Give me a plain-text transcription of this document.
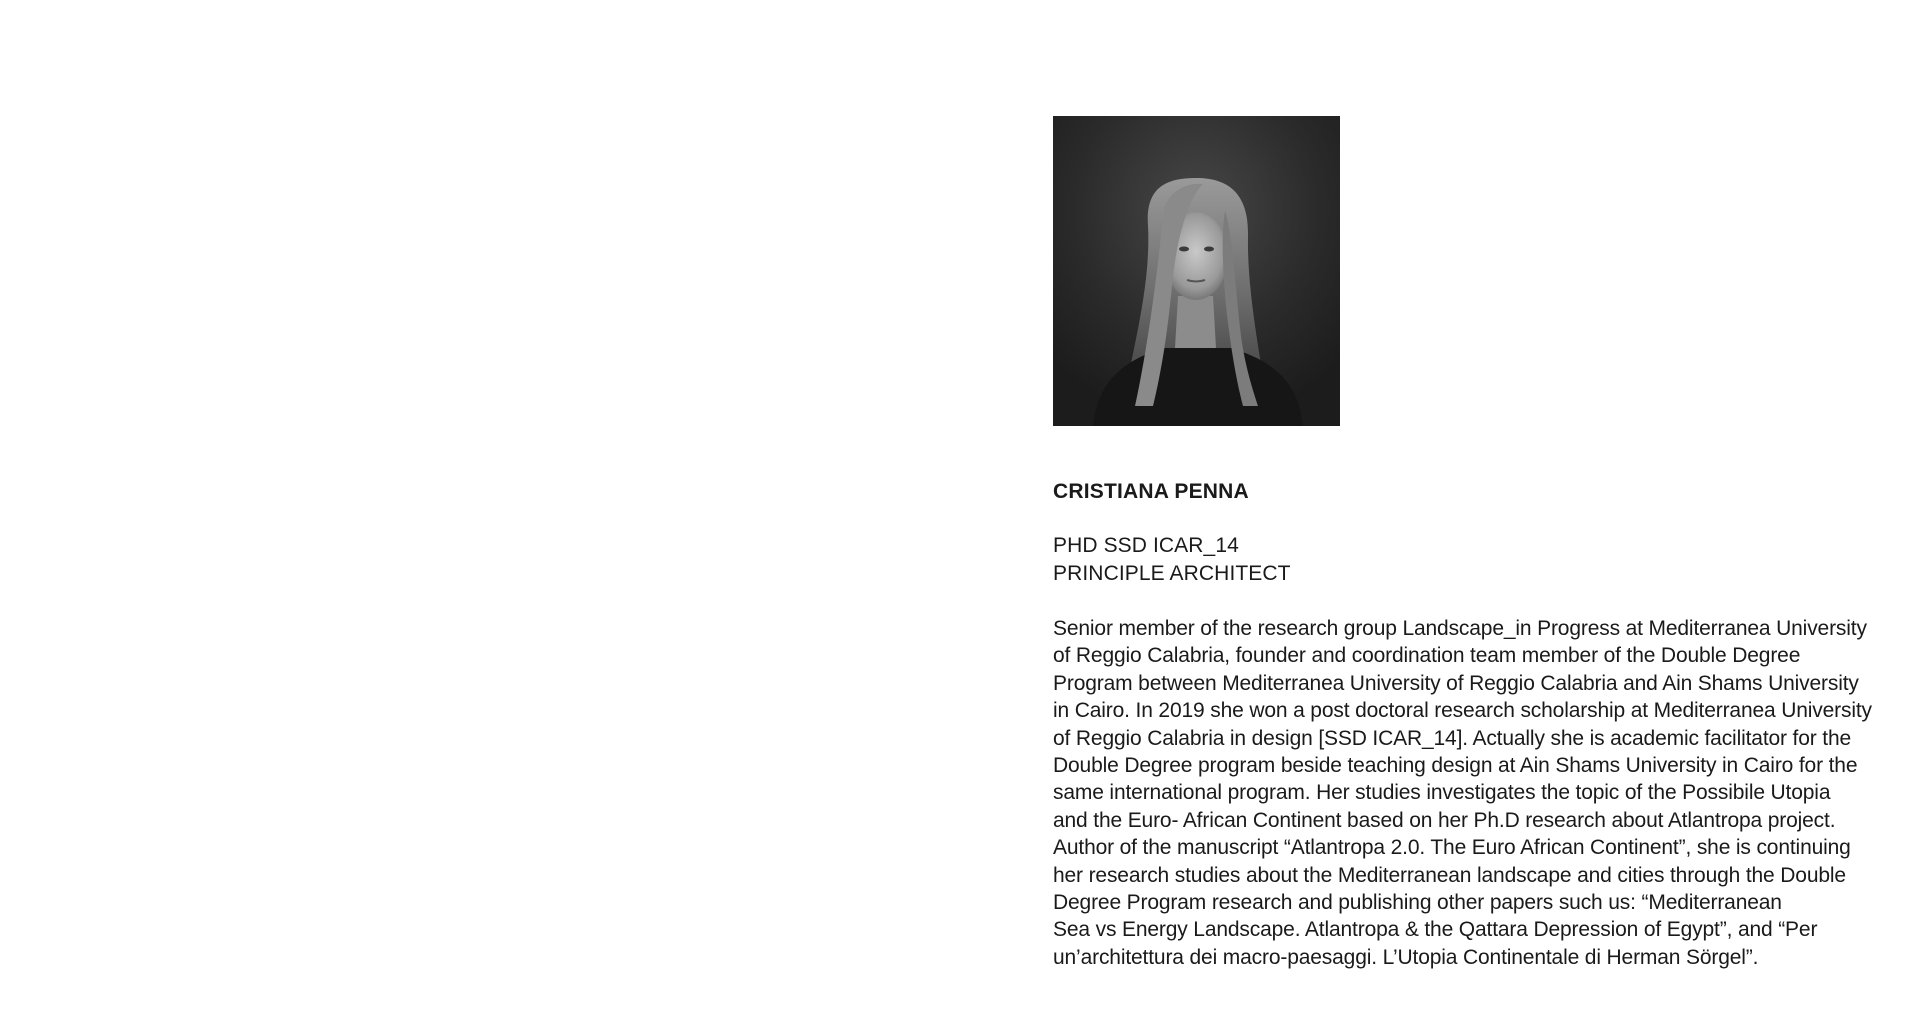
CRISTIANA PENNA
PHD SSD ICAR_14
PRINCIPLE ARCHITECT
Senior member of the research group Landscape_in Progress at Mediterranea University
of Reggio Calabria, founder and coordination team member of the Double Degree
Program between Mediterranea University of Reggio Calabria and Ain Shams University
in Cairo. In 2019 she won a post doctoral research scholarship at Mediterranea University
of Reggio Calabria in design [SSD ICAR_14]. Actually she is academic facilitator for the
Double Degree program beside teaching design at Ain Shams University in Cairo for the
same international program. Her studies investigates the topic of the Possibile Utopia
and the Euro- African Continent based on her Ph.D research about Atlantropa project.
Author of the manuscript “Atlantropa 2.0. The Euro African Continent”, she is continuing
her research studies about the Mediterranean landscape and cities through the Double
Degree Program research and publishing other papers such us: “Mediterranean
Sea vs Energy Landscape. Atlantropa & the Qattara Depression of Egypt”, and “Per
un’architettura dei macro-paesaggi. L’Utopia Continentale di Herman Sörgel”.
